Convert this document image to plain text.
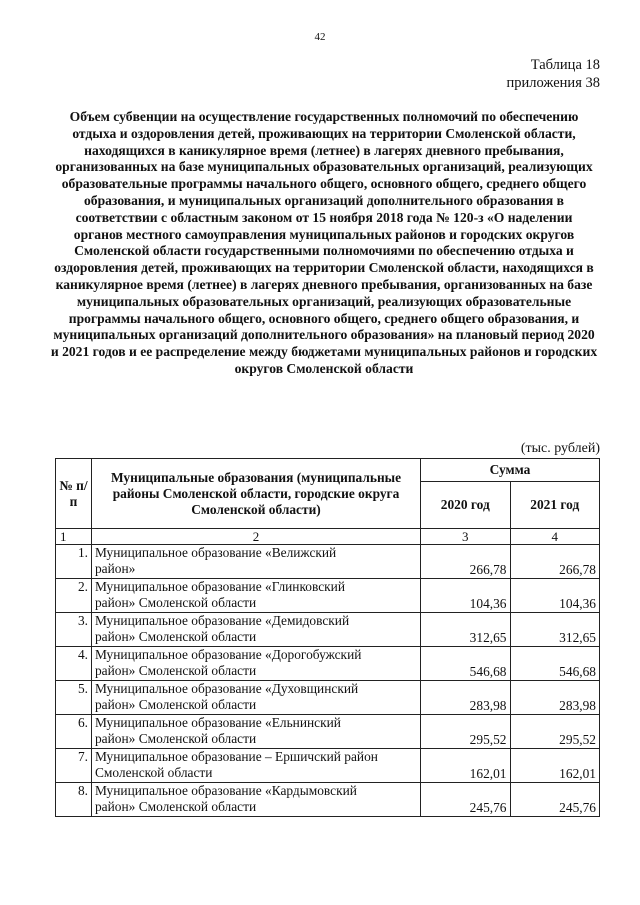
42
Таблица 18
приложения 38
Объем субвенции на осуществление государственных полномочий по обеспечению отдыха и оздоровления детей, проживающих на территории Смоленской области, находящихся в каникулярное время (летнее) в лагерях дневного пребывания, организованных на базе муниципальных образовательных организаций, реализующих образовательные программы начального общего, основного общего, среднего общего образования, и муниципальных организаций дополнительного образования в соответствии с областным законом от 15 ноября 2018 года № 120-з «О наделении органов местного самоуправления муниципальных районов и городских округов Смоленской области государственными полномочиями по обеспечению отдыха и оздоровления детей, проживающих на территории Смоленской области, находящихся в каникулярное время (летнее) в лагерях дневного пребывания, организованных на базе муниципальных образовательных организаций, реализующих образовательные программы начального общего, основного общего, среднего общего образования, и муниципальных организаций дополнительного образования» на плановый период 2020 и 2021 годов и ее распределение между бюджетами муниципальных районов и городских округов Смоленской области
(тыс. рублей)
№ п/п	Муниципальные образования (муниципальные районы Смоленской области, городские округа Смоленской области)	Сумма	
		2020 год	2021 год
1	2	3	4
1.	Муниципальное образование «Велижский
район»	266,78	266,78
2.	Муниципальное образование «Глинковский
район» Смоленской области	104,36	104,36
3.	Муниципальное образование «Демидовский
район» Смоленской области	312,65	312,65
4.	Муниципальное образование «Дорогобужский
район» Смоленской области	546,68	546,68
5.	Муниципальное образование «Духовщинский
район» Смоленской области	283,98	283,98
6.	Муниципальное образование «Ельнинский
район» Смоленской области	295,52	295,52
7.	Муниципальное образование – Ершичский район
Смоленской области	162,01	162,01
8.	Муниципальное образование «Кардымовский
район» Смоленской области	245,76	245,76
